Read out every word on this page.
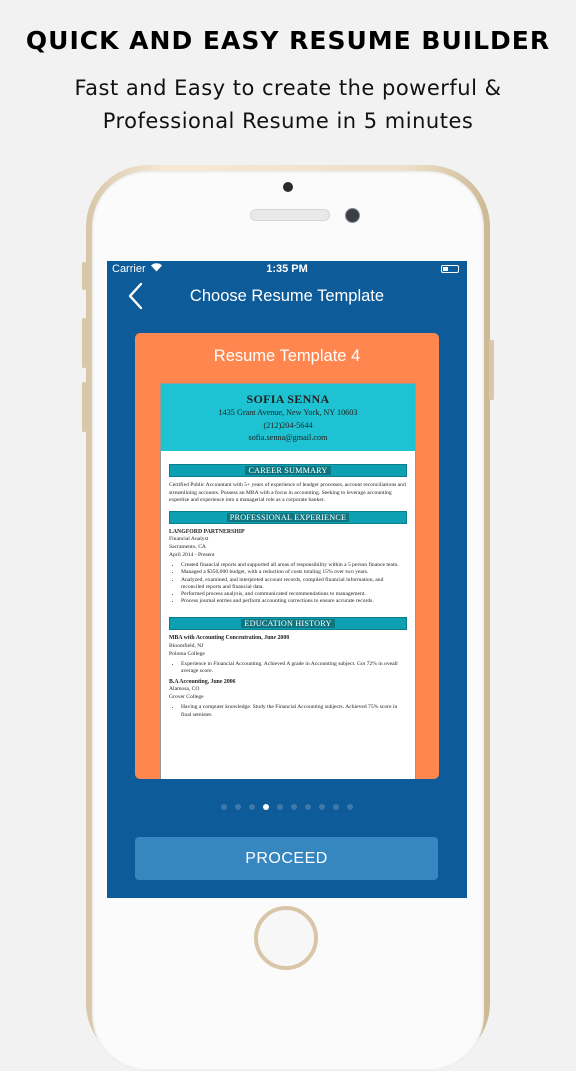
QUICK AND EASY RESUME BUILDER
Fast and Easy to create the powerful &
Professional Resume in 5 minutes
Carrier	1:35 PM
Choose Resume Template
Resume Template 4
SOFIA SENNA
1435 Grant Avenue, New York, NY 10603
(212)204-5644
sofia.senna@gmail.com
CAREER SUMMARY
Certified Public Accountant with 5+ years of experience of leadger processes, account reconciliations and streamlining accounts. Possess an MBA with a focus in accounting. Seeking to leverage accounting expertise and experience into a managerial role as a corporate banker.
PROFESSIONAL EXPERIENCE
LANGFORD PARTNERSHIP
Financial Analyst
Sacramento, CA
April 2014 - Present
• Created financial reports and supported all areas of responsibility within a 5 person finance team.
• Managed a $350,000 budget, with a reduction of costs totaling 15% over two years.
• Analyzed, examined, and interpreted account records, compiled financial information, and reconciled reports and financial data.
• Performed process analysis, and communicated recommendations to management.
• Process journal entries and perform accounting corrections to ensure accurate records.
EDUCATION HISTORY
MBA with Accounting Concentration, June 2008
Bloomfield, NJ
Poloma College
• Experience in Financial Accounting. Achieved A grade in Accounting subject. Got 72% in oveall average score.
B.A Accounting, June 2006
Alamosa, CO
Grover College
• Having a computer knowledge. Study the Financial Accounting subjects. Achieved 75% score in final semister.
PROCEED
